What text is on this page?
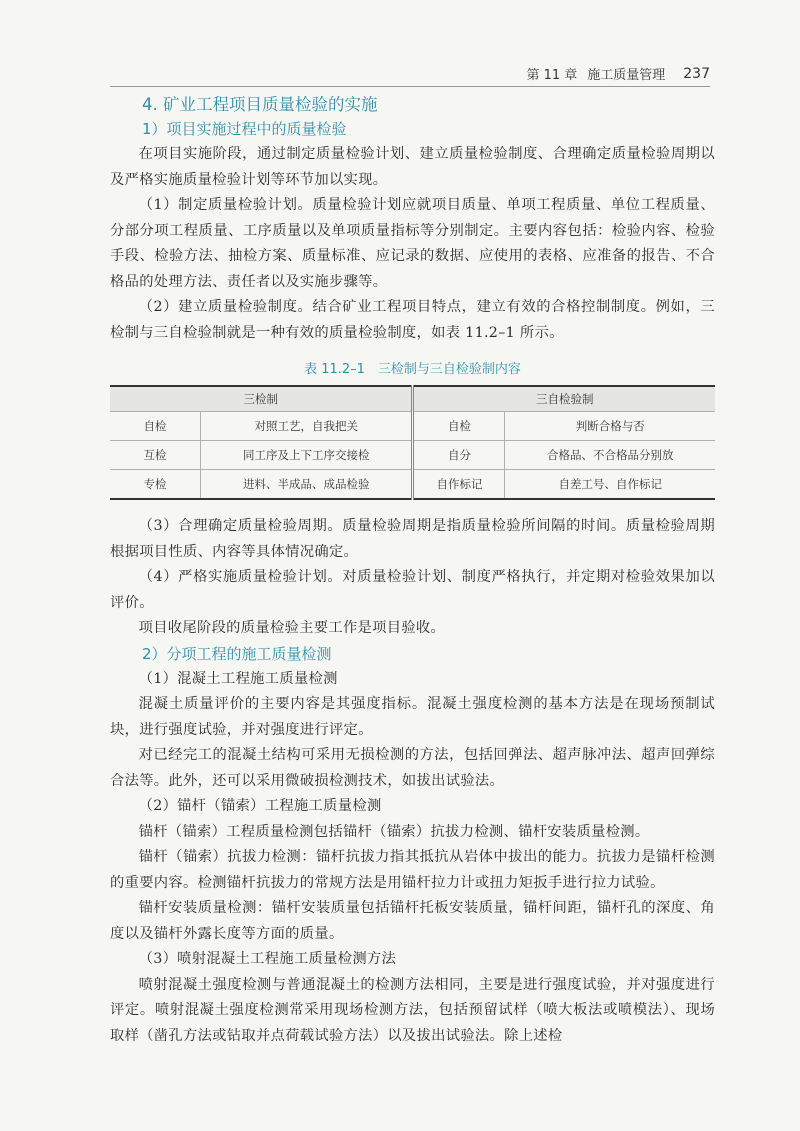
第 11 章 施工质量管理 237
4. 矿业工程项目质量检验的实施
1）项目实施过程中的质量检验

在项目实施阶段，通过制定质量检验计划、建立质量检验制度、合理确定质量检验周期以及严格实施质量检验计划等环节加以实现。

（1）制定质量检验计划。质量检验计划应就项目质量、单项工程质量、单位工程质量、分部分项工程质量、工序质量以及单项质量指标等分别制定。主要内容包括：检验内容、检验手段、检验方法、抽检方案、质量标准、应记录的数据、应使用的表格、应准备的报告、不合格品的处理方法、责任者以及实施步骤等。

（2）建立质量检验制度。结合矿业工程项目特点，建立有效的合格控制制度。例如，三检制与三自检验制就是一种有效的质量检验制度，如表 11.2–1 所示。

表 11.2–1　三检制与三自检验制内容
三检制		三自检验制	
自检	对照工艺，自我把关	自检	判断合格与否
互检	同工序及上下工序交接检	自分	合格品、不合格品分别放
专检	进料、半成品、成品检验	自作标记	自差工号、自作标记

（3）合理确定质量检验周期。质量检验周期是指质量检验所间隔的时间。质量检验周期根据项目性质、内容等具体情况确定。

（4）严格实施质量检验计划。对质量检验计划、制度严格执行，并定期对检验效果加以评价。

项目收尾阶段的质量检验主要工作是项目验收。

2）分项工程的施工质量检测

（1）混凝土工程施工质量检测

混凝土质量评价的主要内容是其强度指标。混凝土强度检测的基本方法是在现场预制试块，进行强度试验，并对强度进行评定。

对已经完工的混凝土结构可采用无损检测的方法，包括回弹法、超声脉冲法、超声回弹综合法等。此外，还可以采用微破损检测技术，如拔出试验法。

（2）锚杆（锚索）工程施工质量检测

锚杆（锚索）工程质量检测包括锚杆（锚索）抗拔力检测、锚杆安装质量检测。

锚杆（锚索）抗拔力检测：锚杆抗拔力指其抵抗从岩体中拔出的能力。抗拔力是锚杆检测的重要内容。检测锚杆抗拔力的常规方法是用锚杆拉力计或扭力矩扳手进行拉力试验。

锚杆安装质量检测：锚杆安装质量包括锚杆托板安装质量，锚杆间距，锚杆孔的深度、角度以及锚杆外露长度等方面的质量。

（3）喷射混凝土工程施工质量检测方法

喷射混凝土强度检测与普通混凝土的检测方法相同，主要是进行强度试验，并对强度进行评定。喷射混凝土强度检测常采用现场检测方法，包括预留试样（喷大板法或喷模法）、现场取样（凿孔方法或钻取并点荷载试验方法）以及拔出试验法。除上述检
